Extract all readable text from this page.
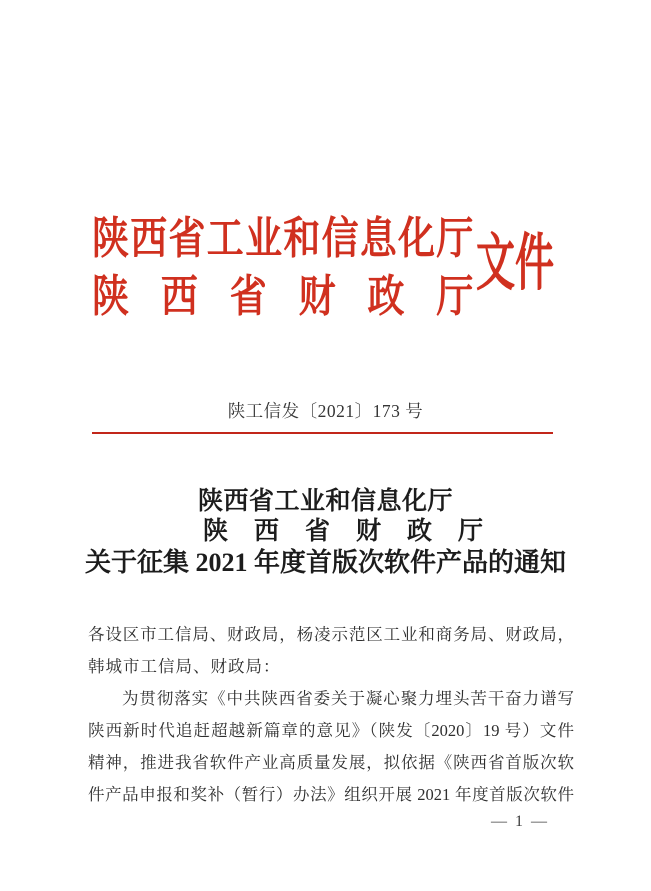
陕西省工业和信息化厅
陕西省财政厅 文件
陕工信发〔2021〕173 号
陕西省工业和信息化厅
陕西省财政厅
关于征集 2021 年度首版次软件产品的通知
各设区市工信局、财政局，杨凌示范区工业和商务局、财政局，
韩城市工信局、财政局：
为贯彻落实《中共陕西省委关于凝心聚力埋头苦干奋力谱写
陕西新时代追赶超越新篇章的意见》（陕发〔2020〕19 号）文件
精神，推进我省软件产业高质量发展，拟依据《陕西省首版次软
件产品申报和奖补（暂行）办法》组织开展 2021 年度首版次软件
— 1 —
